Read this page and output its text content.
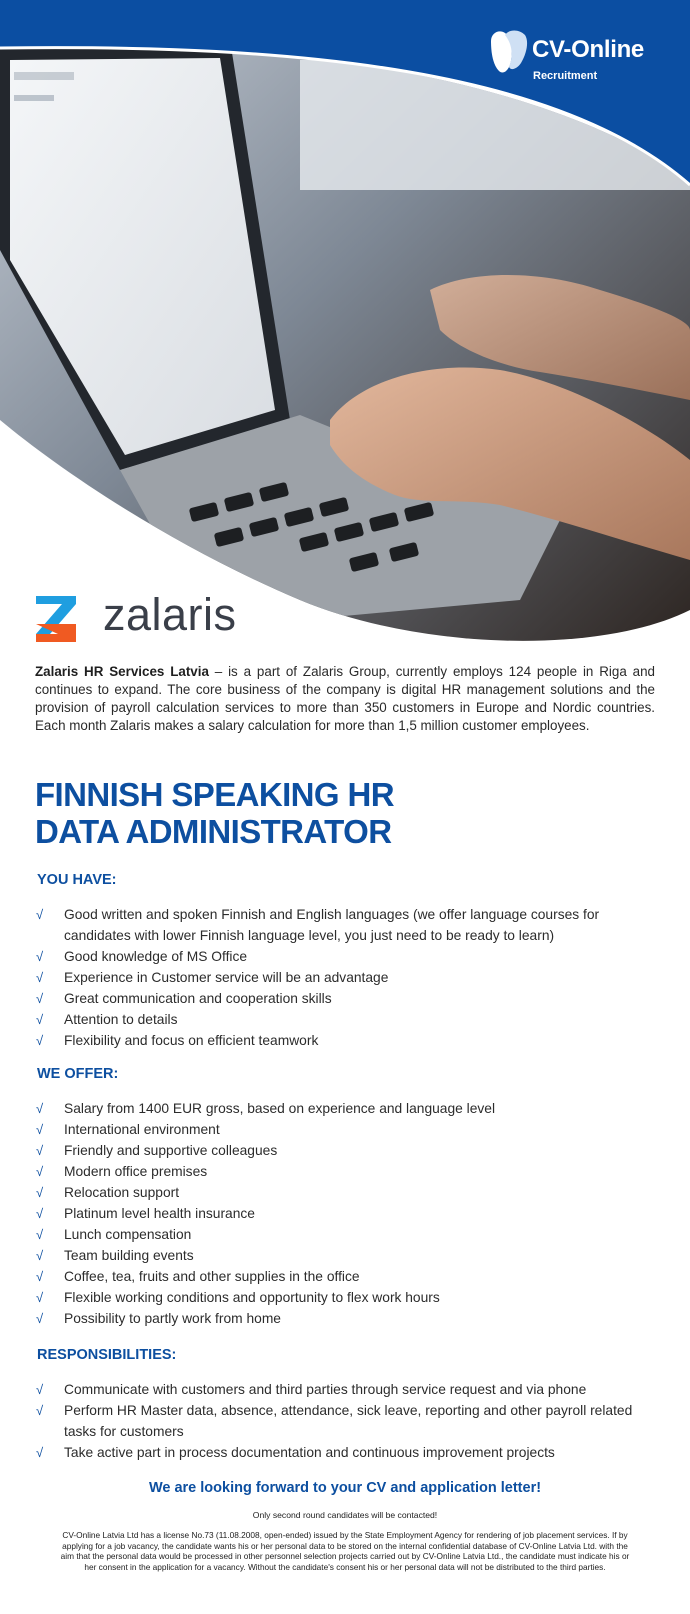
CV-Online
Recruitment
zalaris
Zalaris HR Services Latvia – is a part of Zalaris Group, currently employs 124 people in Riga and continues to expand. The core business of the company is digital HR management solutions and the provision of payroll calculation services to more than 350 customers in Europe and Nordic countries. Each month Zalaris makes a salary calculation for more than 1,5 million customer employees.
FINNISH SPEAKING HR
DATA ADMINISTRATOR
YOU HAVE:
√ Good written and spoken Finnish and English languages (we offer language courses for candidates with lower Finnish language level, you just need to be ready to learn)
√ Good knowledge of MS Office
√ Experience in Customer service will be an advantage
√ Great communication and cooperation skills
√ Attention to details
√ Flexibility and focus on efficient teamwork
WE OFFER:
√ Salary from 1400 EUR gross, based on experience and language level
√ International environment
√ Friendly and supportive colleagues
√ Modern office premises
√ Relocation support
√ Platinum level health insurance
√ Lunch compensation
√ Team building events
√ Coffee, tea, fruits and other supplies in the office
√ Flexible working conditions and opportunity to flex work hours
√ Possibility to partly work from home
RESPONSIBILITIES:
√ Communicate with customers and third parties through service request and via phone
√ Perform HR Master data, absence, attendance, sick leave, reporting and other payroll related tasks for customers
√ Take active part in process documentation and continuous improvement projects
We are looking forward to your CV and application letter!
Only second round candidates will be contacted!
CV-Online Latvia Ltd has a license No.73 (11.08.2008, open-ended) issued by the State Employment Agency for rendering of job placement services. If by applying for a job vacancy, the candidate wants his or her personal data to be stored on the internal confidential database of CV-Online Latvia Ltd. with the aim that the personal data would be processed in other personnel selection projects carried out by CV-Online Latvia Ltd., the candidate must indicate his or her consent in the application for a vacancy. Without the candidate's consent his or her personal data will not be distributed to the third parties.
